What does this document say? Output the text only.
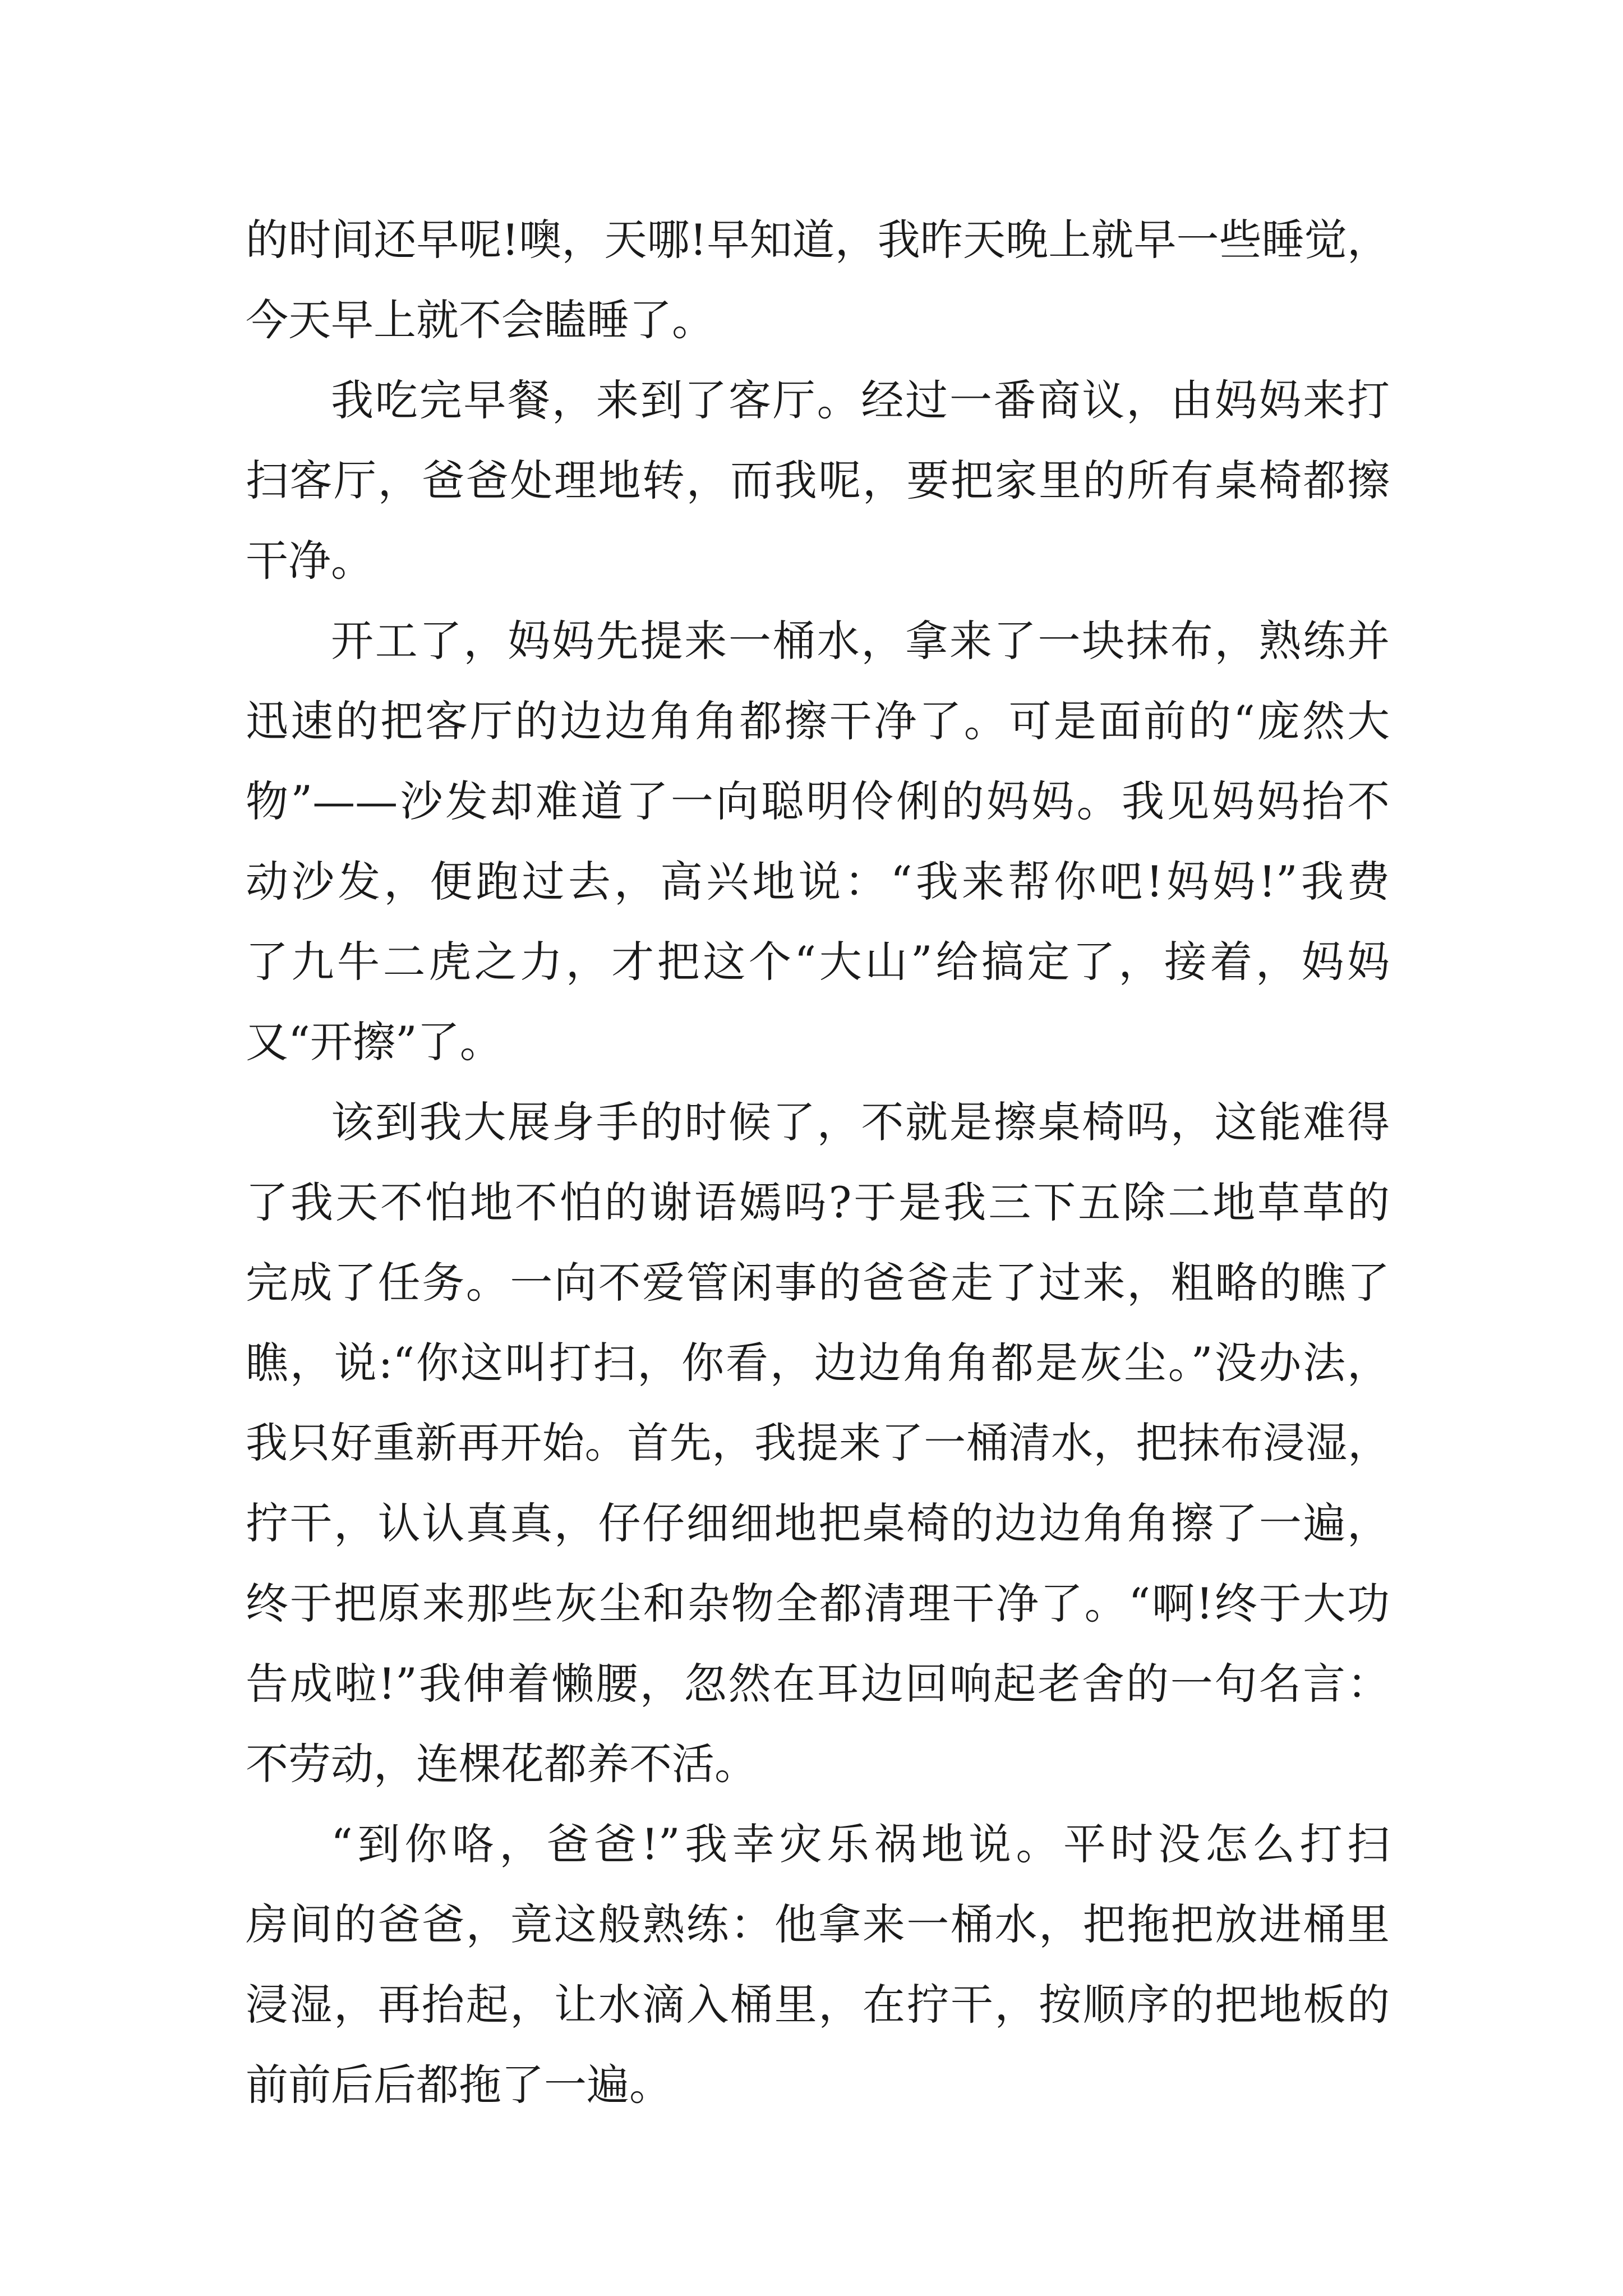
的时间还早呢!噢，天哪!早知道，我昨天晚上就早一些睡觉，
今天早上就不会瞌睡了。
我吃完早餐，来到了客厅。经过一番商议，由妈妈来打
扫客厅，爸爸处理地转，而我呢，要把家里的所有桌椅都擦
干净。
开工了，妈妈先提来一桶水，拿来了一块抹布，熟练并
迅速的把客厅的边边角角都擦干净了。可是面前的“庞然大
物”——沙发却难道了一向聪明伶俐的妈妈。我见妈妈抬不
动沙发，便跑过去，高兴地说：“我来帮你吧!妈妈!”我费
了九牛二虎之力，才把这个“大山”给搞定了，接着，妈妈
又“开擦”了。
该到我大展身手的时候了，不就是擦桌椅吗，这能难得
了我天不怕地不怕的谢语嫣吗?于是我三下五除二地草草的
完成了任务。一向不爱管闲事的爸爸走了过来，粗略的瞧了
瞧，说:“你这叫打扫，你看，边边角角都是灰尘。”没办法，
我只好重新再开始。首先，我提来了一桶清水，把抹布浸湿，
拧干，认认真真，仔仔细细地把桌椅的边边角角擦了一遍，
终于把原来那些灰尘和杂物全都清理干净了。“啊!终于大功
告成啦!”我伸着懒腰，忽然在耳边回响起老舍的一句名言：
不劳动，连棵花都养不活。
“到你咯，爸爸!”我幸灾乐祸地说。平时没怎么打扫
房间的爸爸，竟这般熟练：他拿来一桶水，把拖把放进桶里
浸湿，再抬起，让水滴入桶里，在拧干，按顺序的把地板的
前前后后都拖了一遍。
